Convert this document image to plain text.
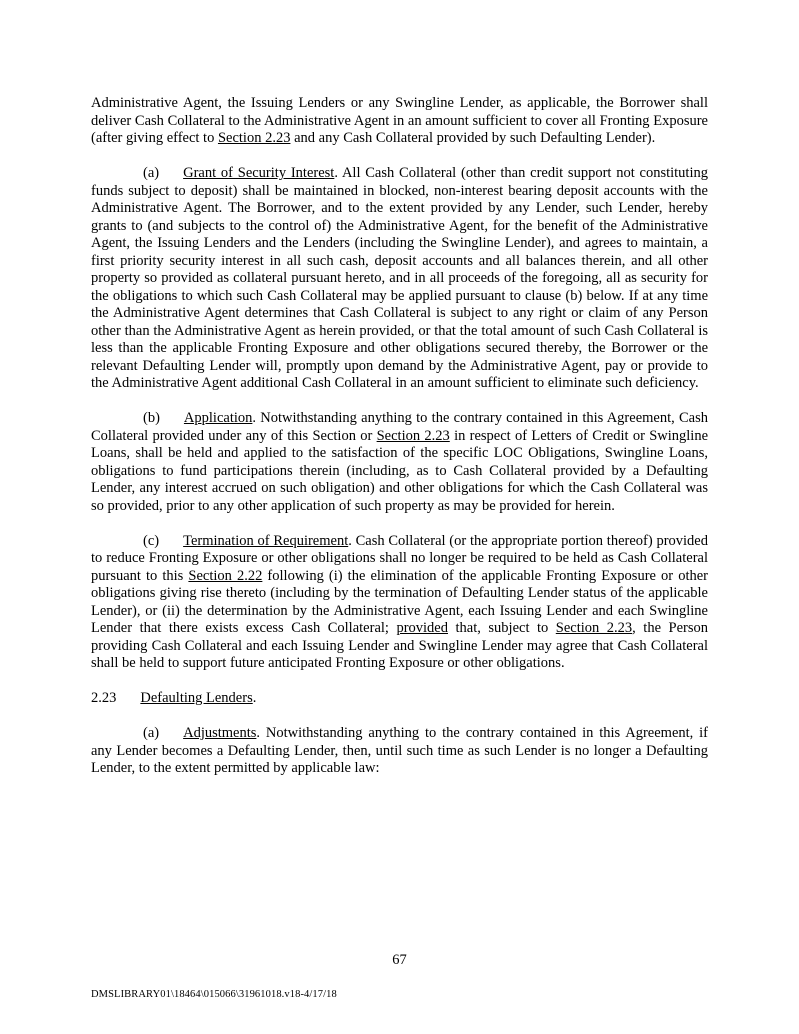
Administrative Agent, the Issuing Lenders or any Swingline Lender, as applicable, the Borrower shall deliver Cash Collateral to the Administrative Agent in an amount sufficient to cover all Fronting Exposure (after giving effect to Section 2.23 and any Cash Collateral provided by such Defaulting Lender).

(a) Grant of Security Interest. All Cash Collateral (other than credit support not constituting funds subject to deposit) shall be maintained in blocked, non-interest bearing deposit accounts with the Administrative Agent. The Borrower, and to the extent provided by any Lender, such Lender, hereby grants to (and subjects to the control of) the Administrative Agent, for the benefit of the Administrative Agent, the Issuing Lenders and the Lenders (including the Swingline Lender), and agrees to maintain, a first priority security interest in all such cash, deposit accounts and all balances therein, and all other property so provided as collateral pursuant hereto, and in all proceeds of the foregoing, all as security for the obligations to which such Cash Collateral may be applied pursuant to clause (b) below. If at any time the Administrative Agent determines that Cash Collateral is subject to any right or claim of any Person other than the Administrative Agent as herein provided, or that the total amount of such Cash Collateral is less than the applicable Fronting Exposure and other obligations secured thereby, the Borrower or the relevant Defaulting Lender will, promptly upon demand by the Administrative Agent, pay or provide to the Administrative Agent additional Cash Collateral in an amount sufficient to eliminate such deficiency.

(b) Application. Notwithstanding anything to the contrary contained in this Agreement, Cash Collateral provided under any of this Section or Section 2.23 in respect of Letters of Credit or Swingline Loans, shall be held and applied to the satisfaction of the specific LOC Obligations, Swingline Loans, obligations to fund participations therein (including, as to Cash Collateral provided by a Defaulting Lender, any interest accrued on such obligation) and other obligations for which the Cash Collateral was so provided, prior to any other application of such property as may be provided for herein.

(c) Termination of Requirement. Cash Collateral (or the appropriate portion thereof) provided to reduce Fronting Exposure or other obligations shall no longer be required to be held as Cash Collateral pursuant to this Section 2.22 following (i) the elimination of the applicable Fronting Exposure or other obligations giving rise thereto (including by the termination of Defaulting Lender status of the applicable Lender), or (ii) the determination by the Administrative Agent, each Issuing Lender and each Swingline Lender that there exists excess Cash Collateral; provided that, subject to Section 2.23, the Person providing Cash Collateral and each Issuing Lender and Swingline Lender may agree that Cash Collateral shall be held to support future anticipated Fronting Exposure or other obligations.

2.23 Defaulting Lenders.

(a) Adjustments. Notwithstanding anything to the contrary contained in this Agreement, if any Lender becomes a Defaulting Lender, then, until such time as such Lender is no longer a Defaulting Lender, to the extent permitted by applicable law:

67
DMSLIBRARY01\18464\015066\31961018.v18-4/17/18
